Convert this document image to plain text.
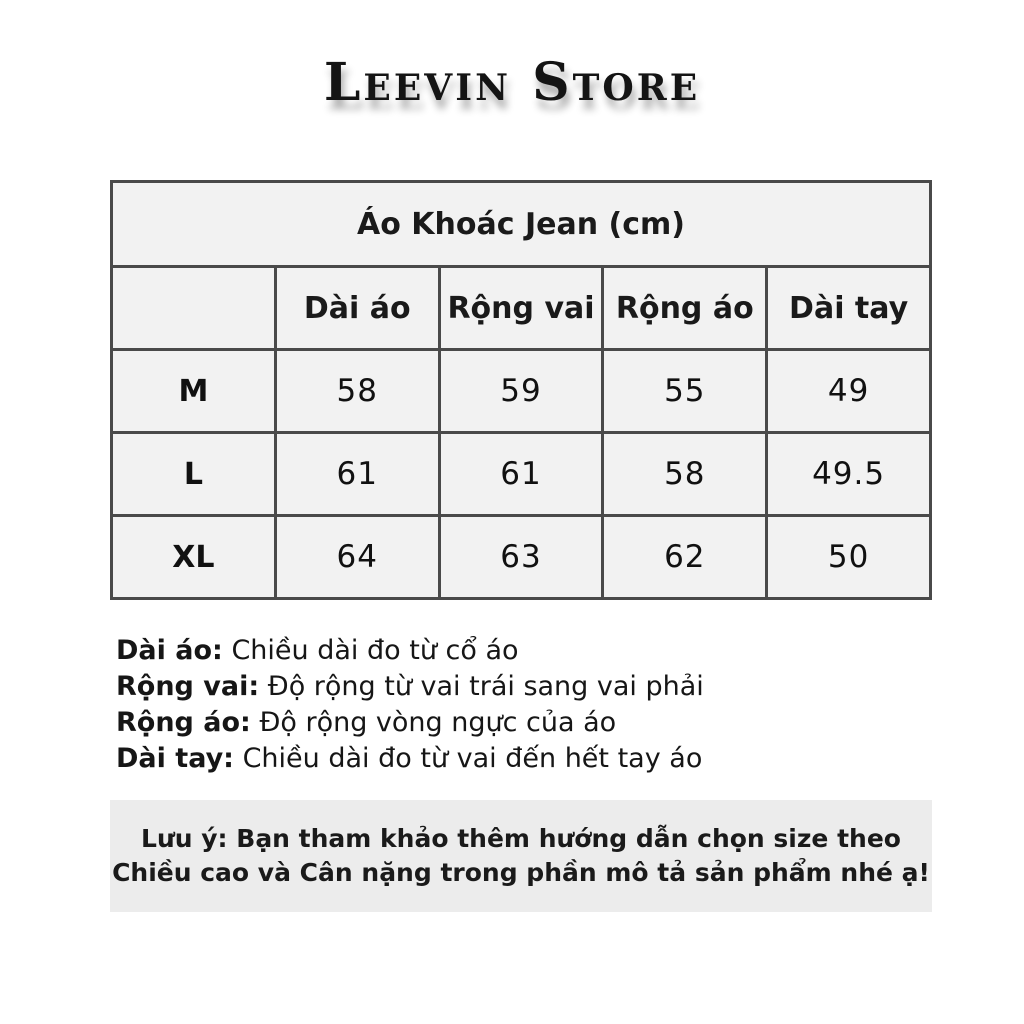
Leevin Store
Áo Khoác Jean (cm)				
	Dài áo	Rộng vai	Rộng áo	Dài tay
M	58	59	55	49
L	61	61	58	49.5
XL	64	63	62	50
Dài áo: Chiều dài đo từ cổ áo
Rộng vai: Độ rộng từ vai trái sang vai phải
Rộng áo: Độ rộng vòng ngực của áo
Dài tay: Chiều dài đo từ vai đến hết tay áo
Lưu ý: Bạn tham khảo thêm hướng dẫn chọn size theo
Chiều cao và Cân nặng trong phần mô tả sản phẩm nhé ạ!
